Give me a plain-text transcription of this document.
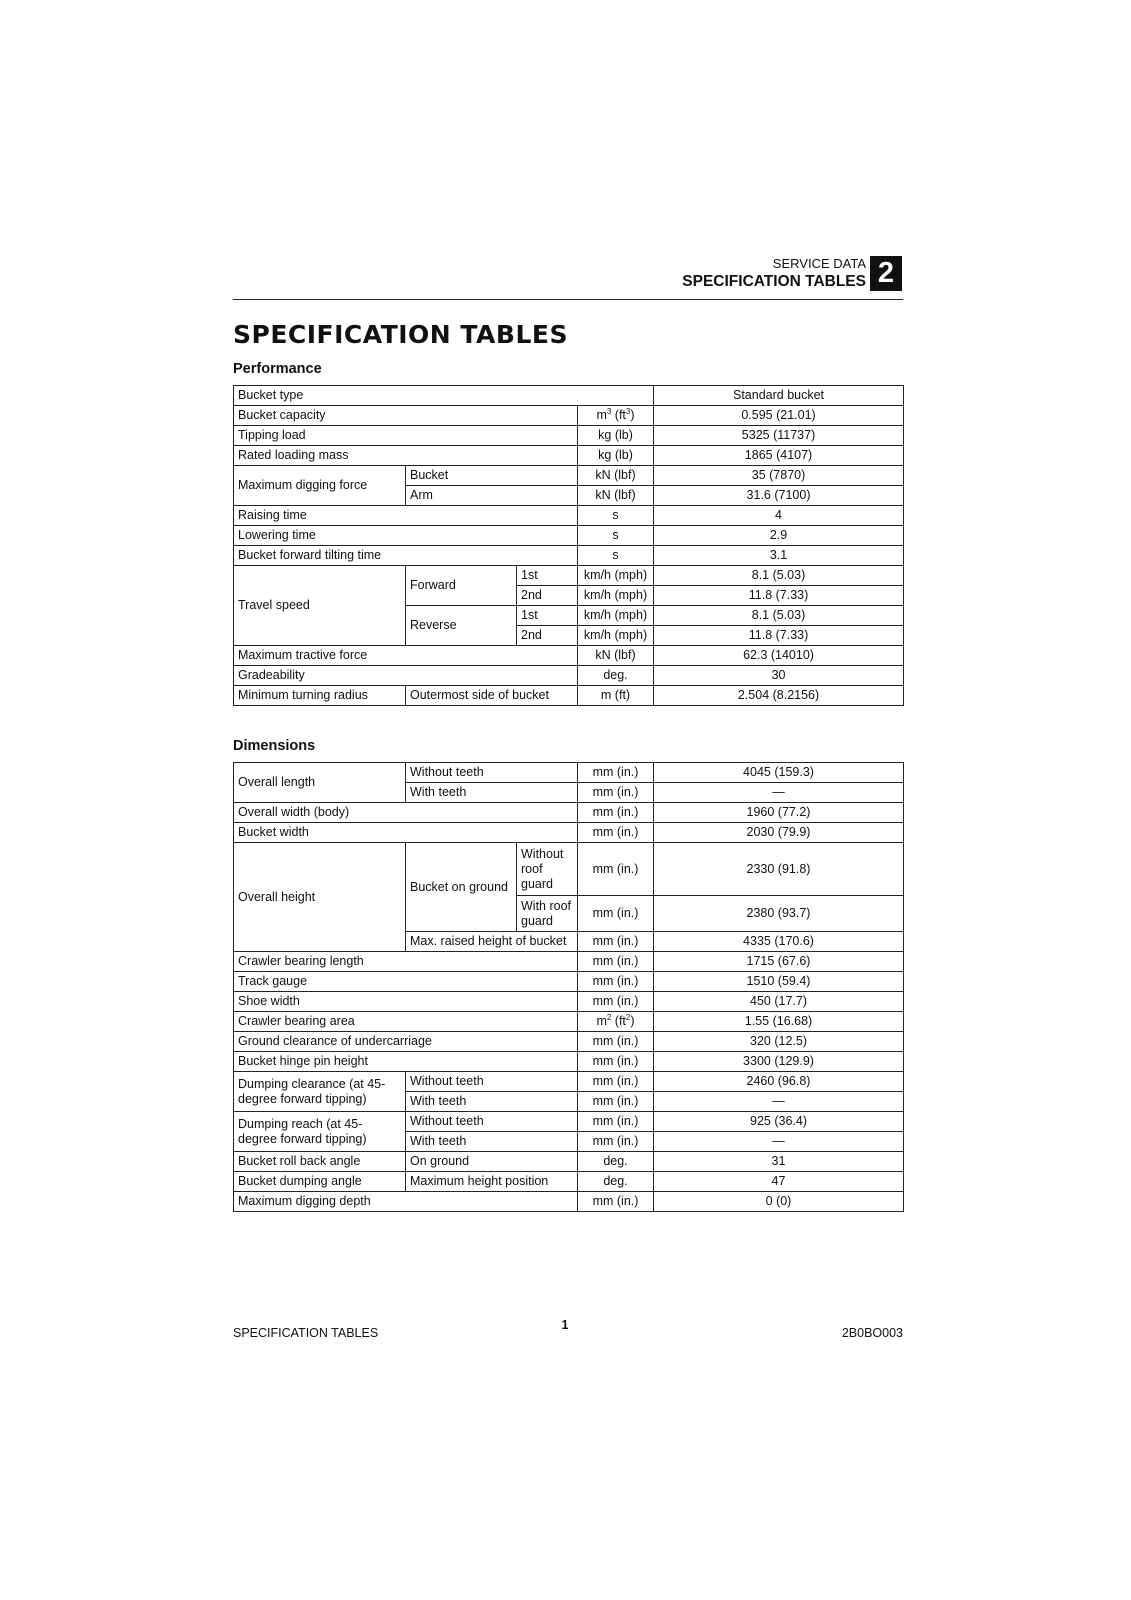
SERVICE DATA
SPECIFICATION TABLES 2
SPECIFICATION TABLES
Performance
Bucket type				Standard bucket
Bucket capacity			$m^3$ $(ft^3)$	0.595 (21.01)
Tipping load			kg (lb)	5325 (11737)
Rated loading mass			kg (lb)	1865 (4107)
Maximum digging force	Bucket		kN (lbf)	35 (7870)
	Arm		kN (lbf)	31.6 (7100)
Raising time			s	4
Lowering time			s	2.9
Bucket forward tilting time			s	3.1
Travel speed	Forward	1st	km/h (mph)	8.1 (5.03)
		2nd	km/h (mph)	11.8 (7.33)
	Reverse	1st	km/h (mph)	8.1 (5.03)
		2nd	km/h (mph)	11.8 (7.33)
Maximum tractive force			kN (lbf)	62.3 (14010)
Gradeability			deg.	30
Minimum turning radius	Outermost side of bucket		m (ft)	2.504 (8.2156)
Dimensions
Overall length	Without teeth		mm (in.)	4045 (159.3)
	With teeth		mm (in.)	—
Overall width (body)			mm (in.)	1960 (77.2)
Bucket width			mm (in.)	2030 (79.9)
Overall height	Bucket on ground	Without roof guard	mm (in.)	2330 (91.8)
		With roof guard	mm (in.)	2380 (93.7)
	Max. raised height of bucket		mm (in.)	4335 (170.6)
Crawler bearing length			mm (in.)	1715 (67.6)
Track gauge			mm (in.)	1510 (59.4)
Shoe width			mm (in.)	450 (17.7)
Crawler bearing area			$m^2$ $(ft^2)$	1.55 (16.68)
Ground clearance of undercarriage			mm (in.)	320 (12.5)
Bucket hinge pin height			mm (in.)	3300 (129.9)
Dumping clearance (at 45-degree forward tipping)	Without teeth		mm (in.)	2460 (96.8)
	With teeth		mm (in.)	—
Dumping reach (at 45-degree forward tipping)	Without teeth		mm (in.)	925 (36.4)
	With teeth		mm (in.)	—
Bucket roll back angle	On ground		deg.	31
Bucket dumping angle	Maximum height position		deg.	47
Maximum digging depth			mm (in.)	0 (0)
SPECIFICATION TABLES
1
2B0BO003
